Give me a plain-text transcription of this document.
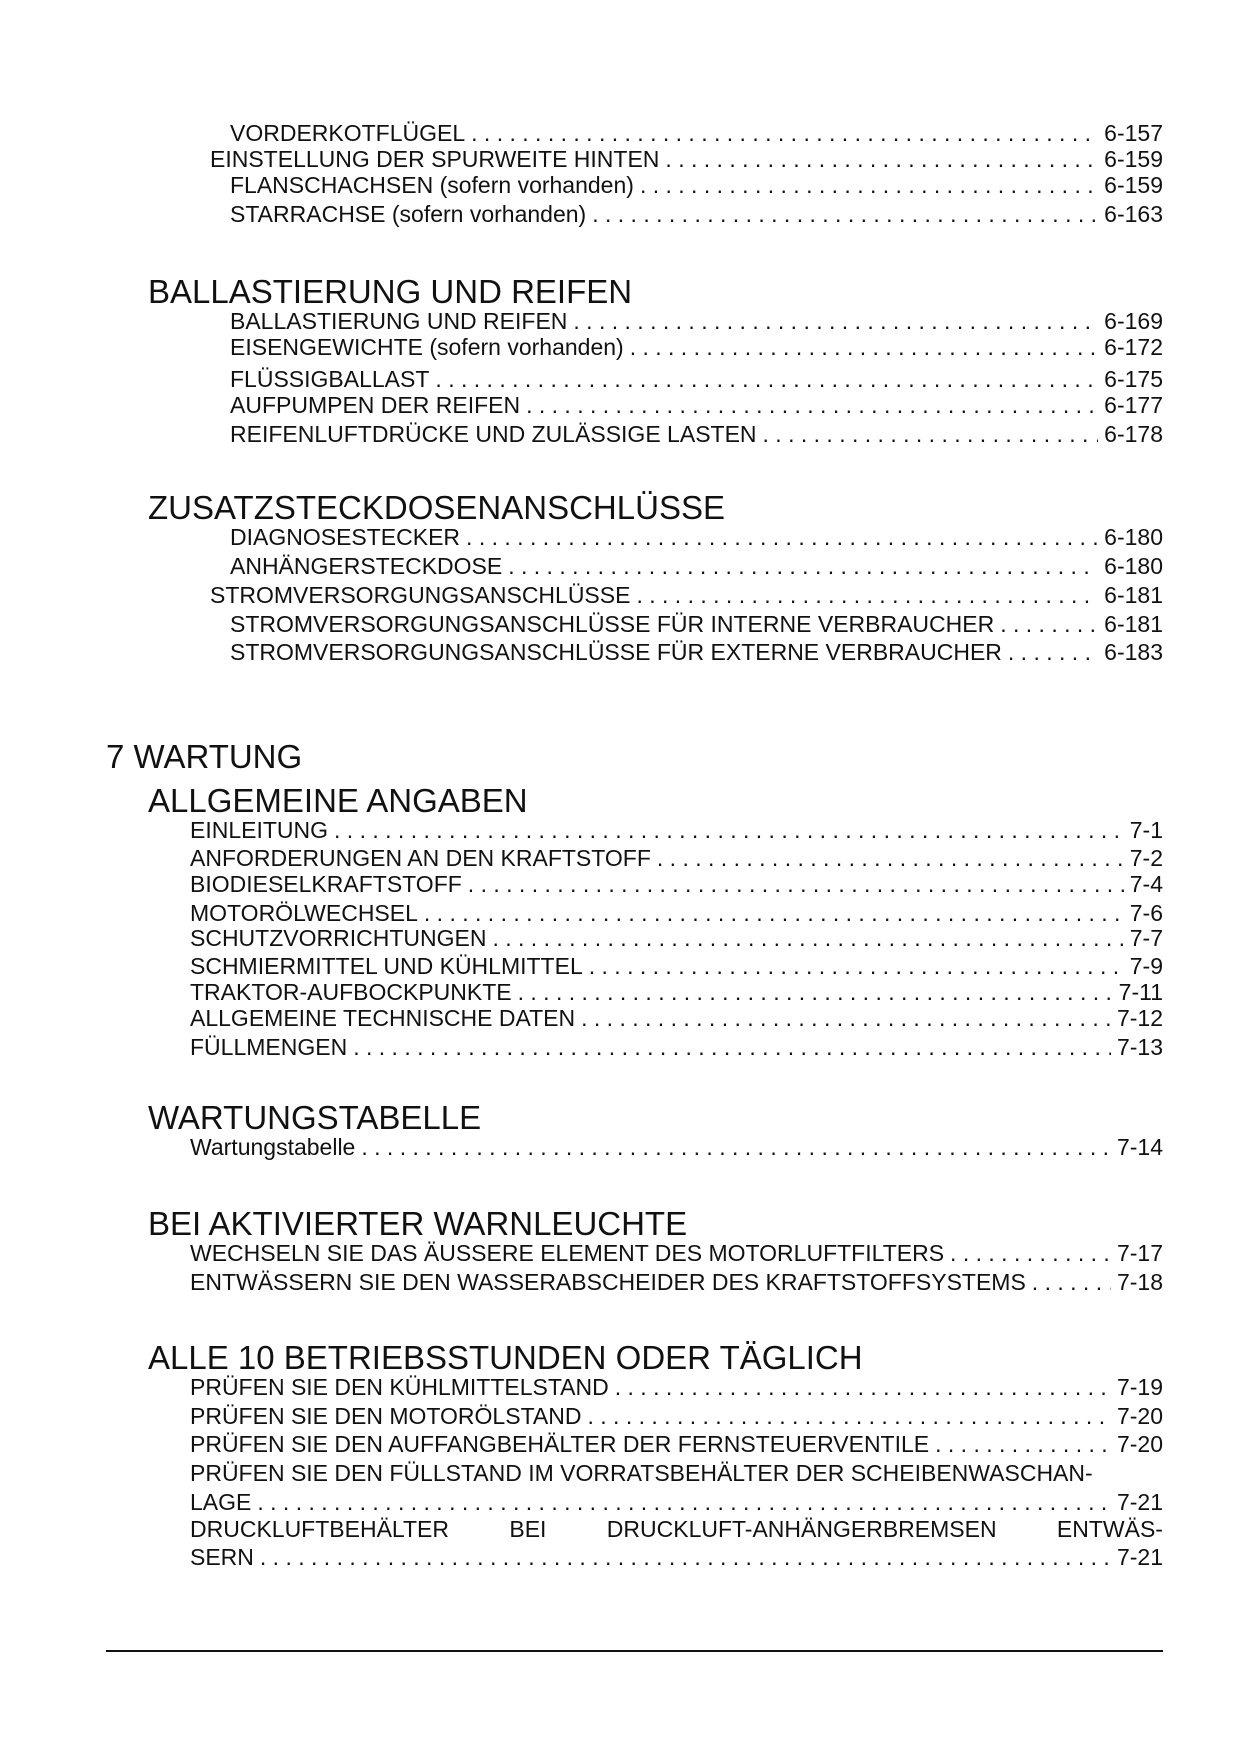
VORDERKOTFLÜGEL . . .	6-157
EINSTELLUNG DER SPURWEITE HINTEN . . .	6-159
FLANSCHACHSEN (sofern vorhanden) . . .	6-159
STARRACHSE (sofern vorhanden) . . .	6-163
BALLASTIERUNG UND REIFEN
BALLASTIERUNG UND REIFEN . . .	6-169
EISENGEWICHTE (sofern vorhanden) . . .	6-172
FLÜSSIGBALLAST . . .	6-175
AUFPUMPEN DER REIFEN . . .	6-177
REIFENLUFTDRÜCKE UND ZULÄSSIGE LASTEN . . .	6-178
ZUSATZSTECKDOSENANSCHLÜSSE
DIAGNOSESTECKER . . .	6-180
ANHÄNGERSTECKDOSE . . .	6-180
STROMVERSORGUNGSANSCHLÜSSE . . .	6-181
STROMVERSORGUNGSANSCHLÜSSE FÜR INTERNE VERBRAUCHER . . .	6-181
STROMVERSORGUNGSANSCHLÜSSE FÜR EXTERNE VERBRAUCHER . . .	6-183
7 WARTUNG
ALLGEMEINE ANGABEN
EINLEITUNG . . .	7-1
ANFORDERUNGEN AN DEN KRAFTSTOFF . . .	7-2
BIODIESELKRAFTSTOFF . . .	7-4
MOTORÖLWECHSEL . . .	7-6
SCHUTZVORRICHTUNGEN . . .	7-7
SCHMIERMITTEL UND KÜHLMITTEL . . .	7-9
TRAKTOR-AUFBOCKPUNKTE . . .	7-11
ALLGEMEINE TECHNISCHE DATEN . . .	7-12
FÜLLMENGEN . . .	7-13
WARTUNGSTABELLE
Wartungstabelle . . .	7-14
BEI AKTIVIERTER WARNLEUCHTE
WECHSELN SIE DAS ÄUSSERE ELEMENT DES MOTORLUFTFILTERS . . .	7-17
ENTWÄSSERN SIE DEN WASSERABSCHEIDER DES KRAFTSTOFFSYSTEMS . . .	7-18
ALLE 10 BETRIEBSSTUNDEN ODER TÄGLICH
PRÜFEN SIE DEN KÜHLMITTELSTAND . . .	7-19
PRÜFEN SIE DEN MOTORÖLSTAND . . .	7-20
PRÜFEN SIE DEN AUFFANGBEHÄLTER DER FERNSTEUERVENTILE . . .	7-20
PRÜFEN SIE DEN FÜLLSTAND IM VORRATSBEHÄLTER DER SCHEIBENWASCHAN-
LAGE . . .	7-21
DRUCKLUFTBEHÄLTER	BEI	DRUCKLUFT-ANHÄNGERBREMSEN	ENTWÄS-
SERN . . .	7-21
